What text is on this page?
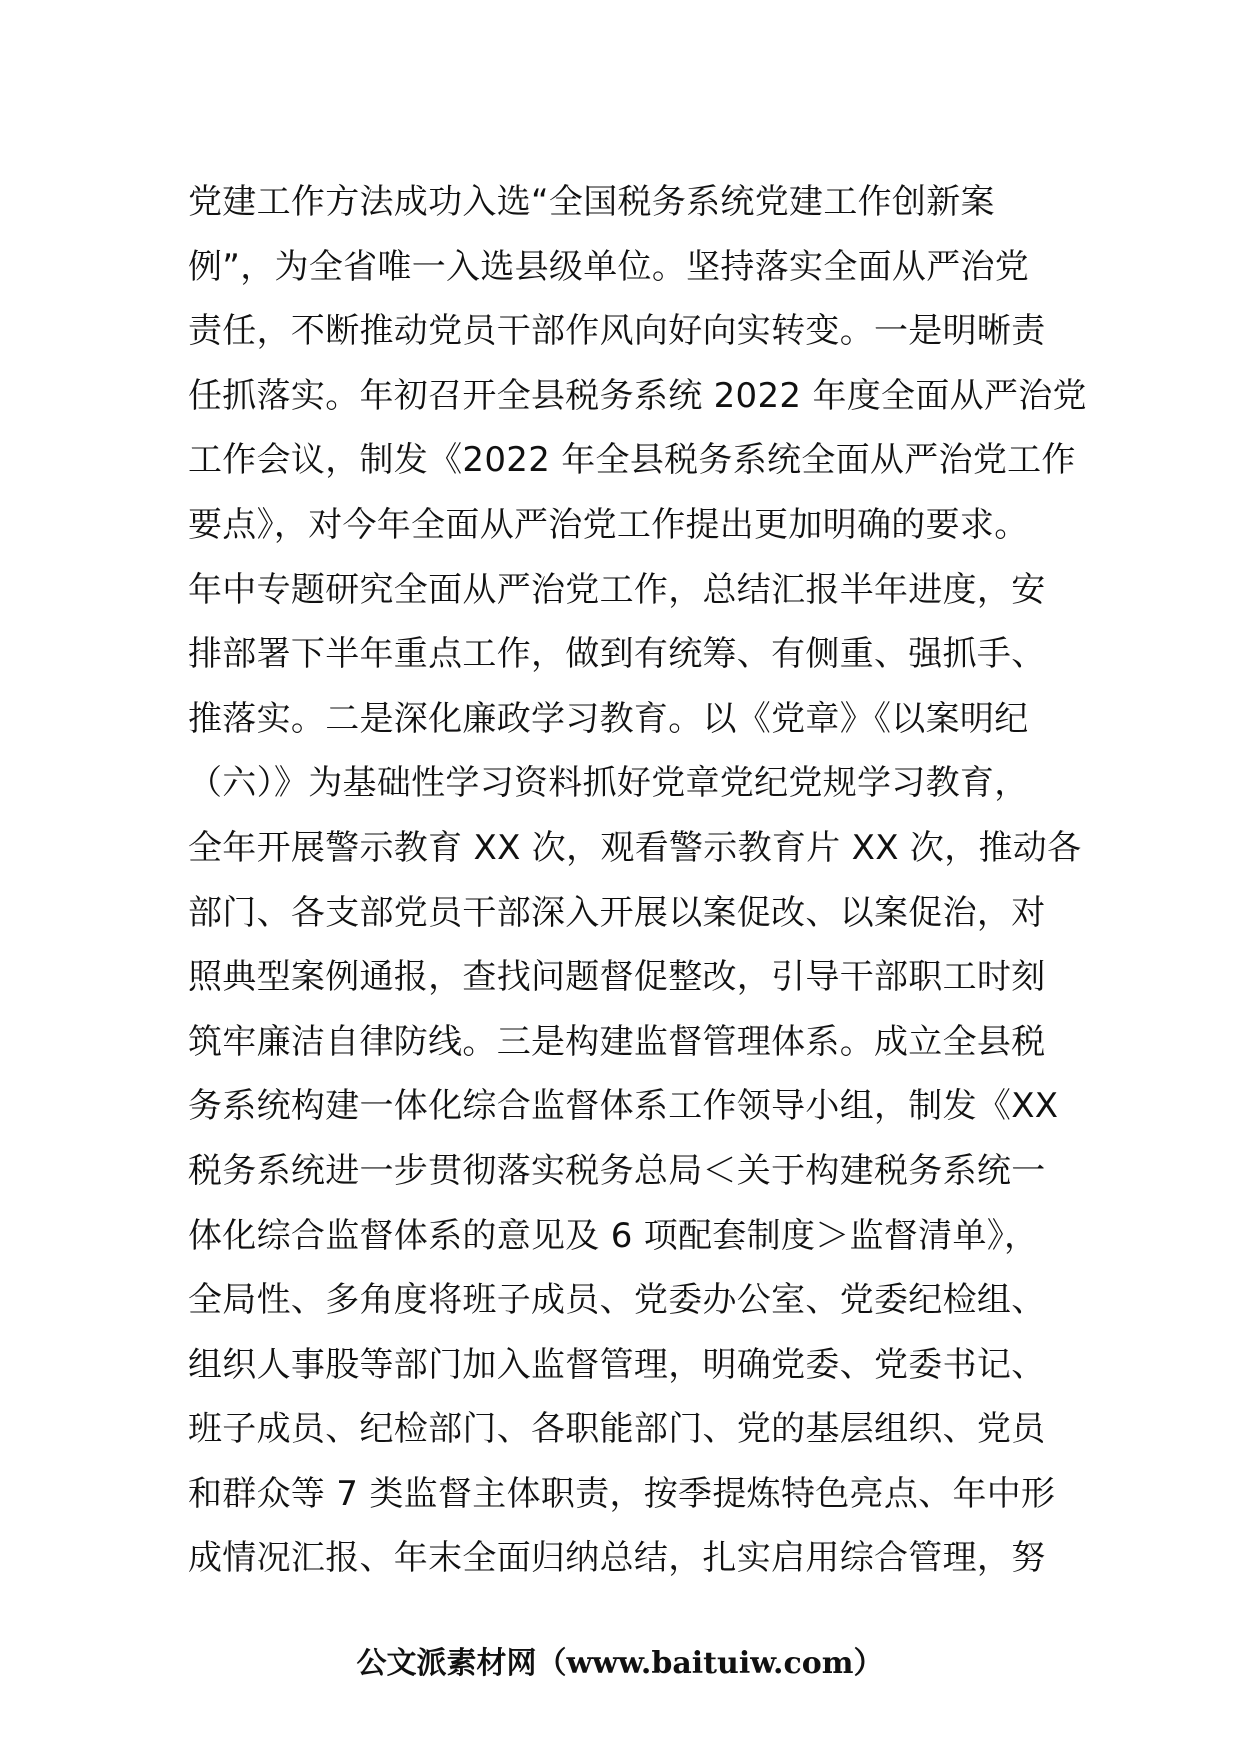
党建工作方法成功入选“全国税务系统党建工作创新案
例”，为全省唯一入选县级单位。坚持落实全面从严治党
责任，不断推动党员干部作风向好向实转变。一是明晰责
任抓落实。年初召开全县税务系统 2022 年度全面从严治党
工作会议，制发《2022 年全县税务系统全面从严治党工作
要点》，对今年全面从严治党工作提出更加明确的要求。
年中专题研究全面从严治党工作，总结汇报半年进度，安
排部署下半年重点工作，做到有统筹、有侧重、强抓手、
推落实。二是深化廉政学习教育。以《党章》《以案明纪
（六）》为基础性学习资料抓好党章党纪党规学习教育，
全年开展警示教育 XX 次，观看警示教育片 XX 次，推动各
部门、各支部党员干部深入开展以案促改、以案促治，对
照典型案例通报，查找问题督促整改，引导干部职工时刻
筑牢廉洁自律防线。三是构建监督管理体系。成立全县税
务系统构建一体化综合监督体系工作领导小组，制发《XX
税务系统进一步贯彻落实税务总局＜关于构建税务系统一
体化综合监督体系的意见及 6 项配套制度＞监督清单》，
全局性、多角度将班子成员、党委办公室、党委纪检组、
组织人事股等部门加入监督管理，明确党委、党委书记、
班子成员、纪检部门、各职能部门、党的基层组织、党员
和群众等 7 类监督主体职责，按季提炼特色亮点、年中形
成情况汇报、年末全面归纳总结，扎实启用综合管理，努
公文派素材网（www.baituiw.com）
